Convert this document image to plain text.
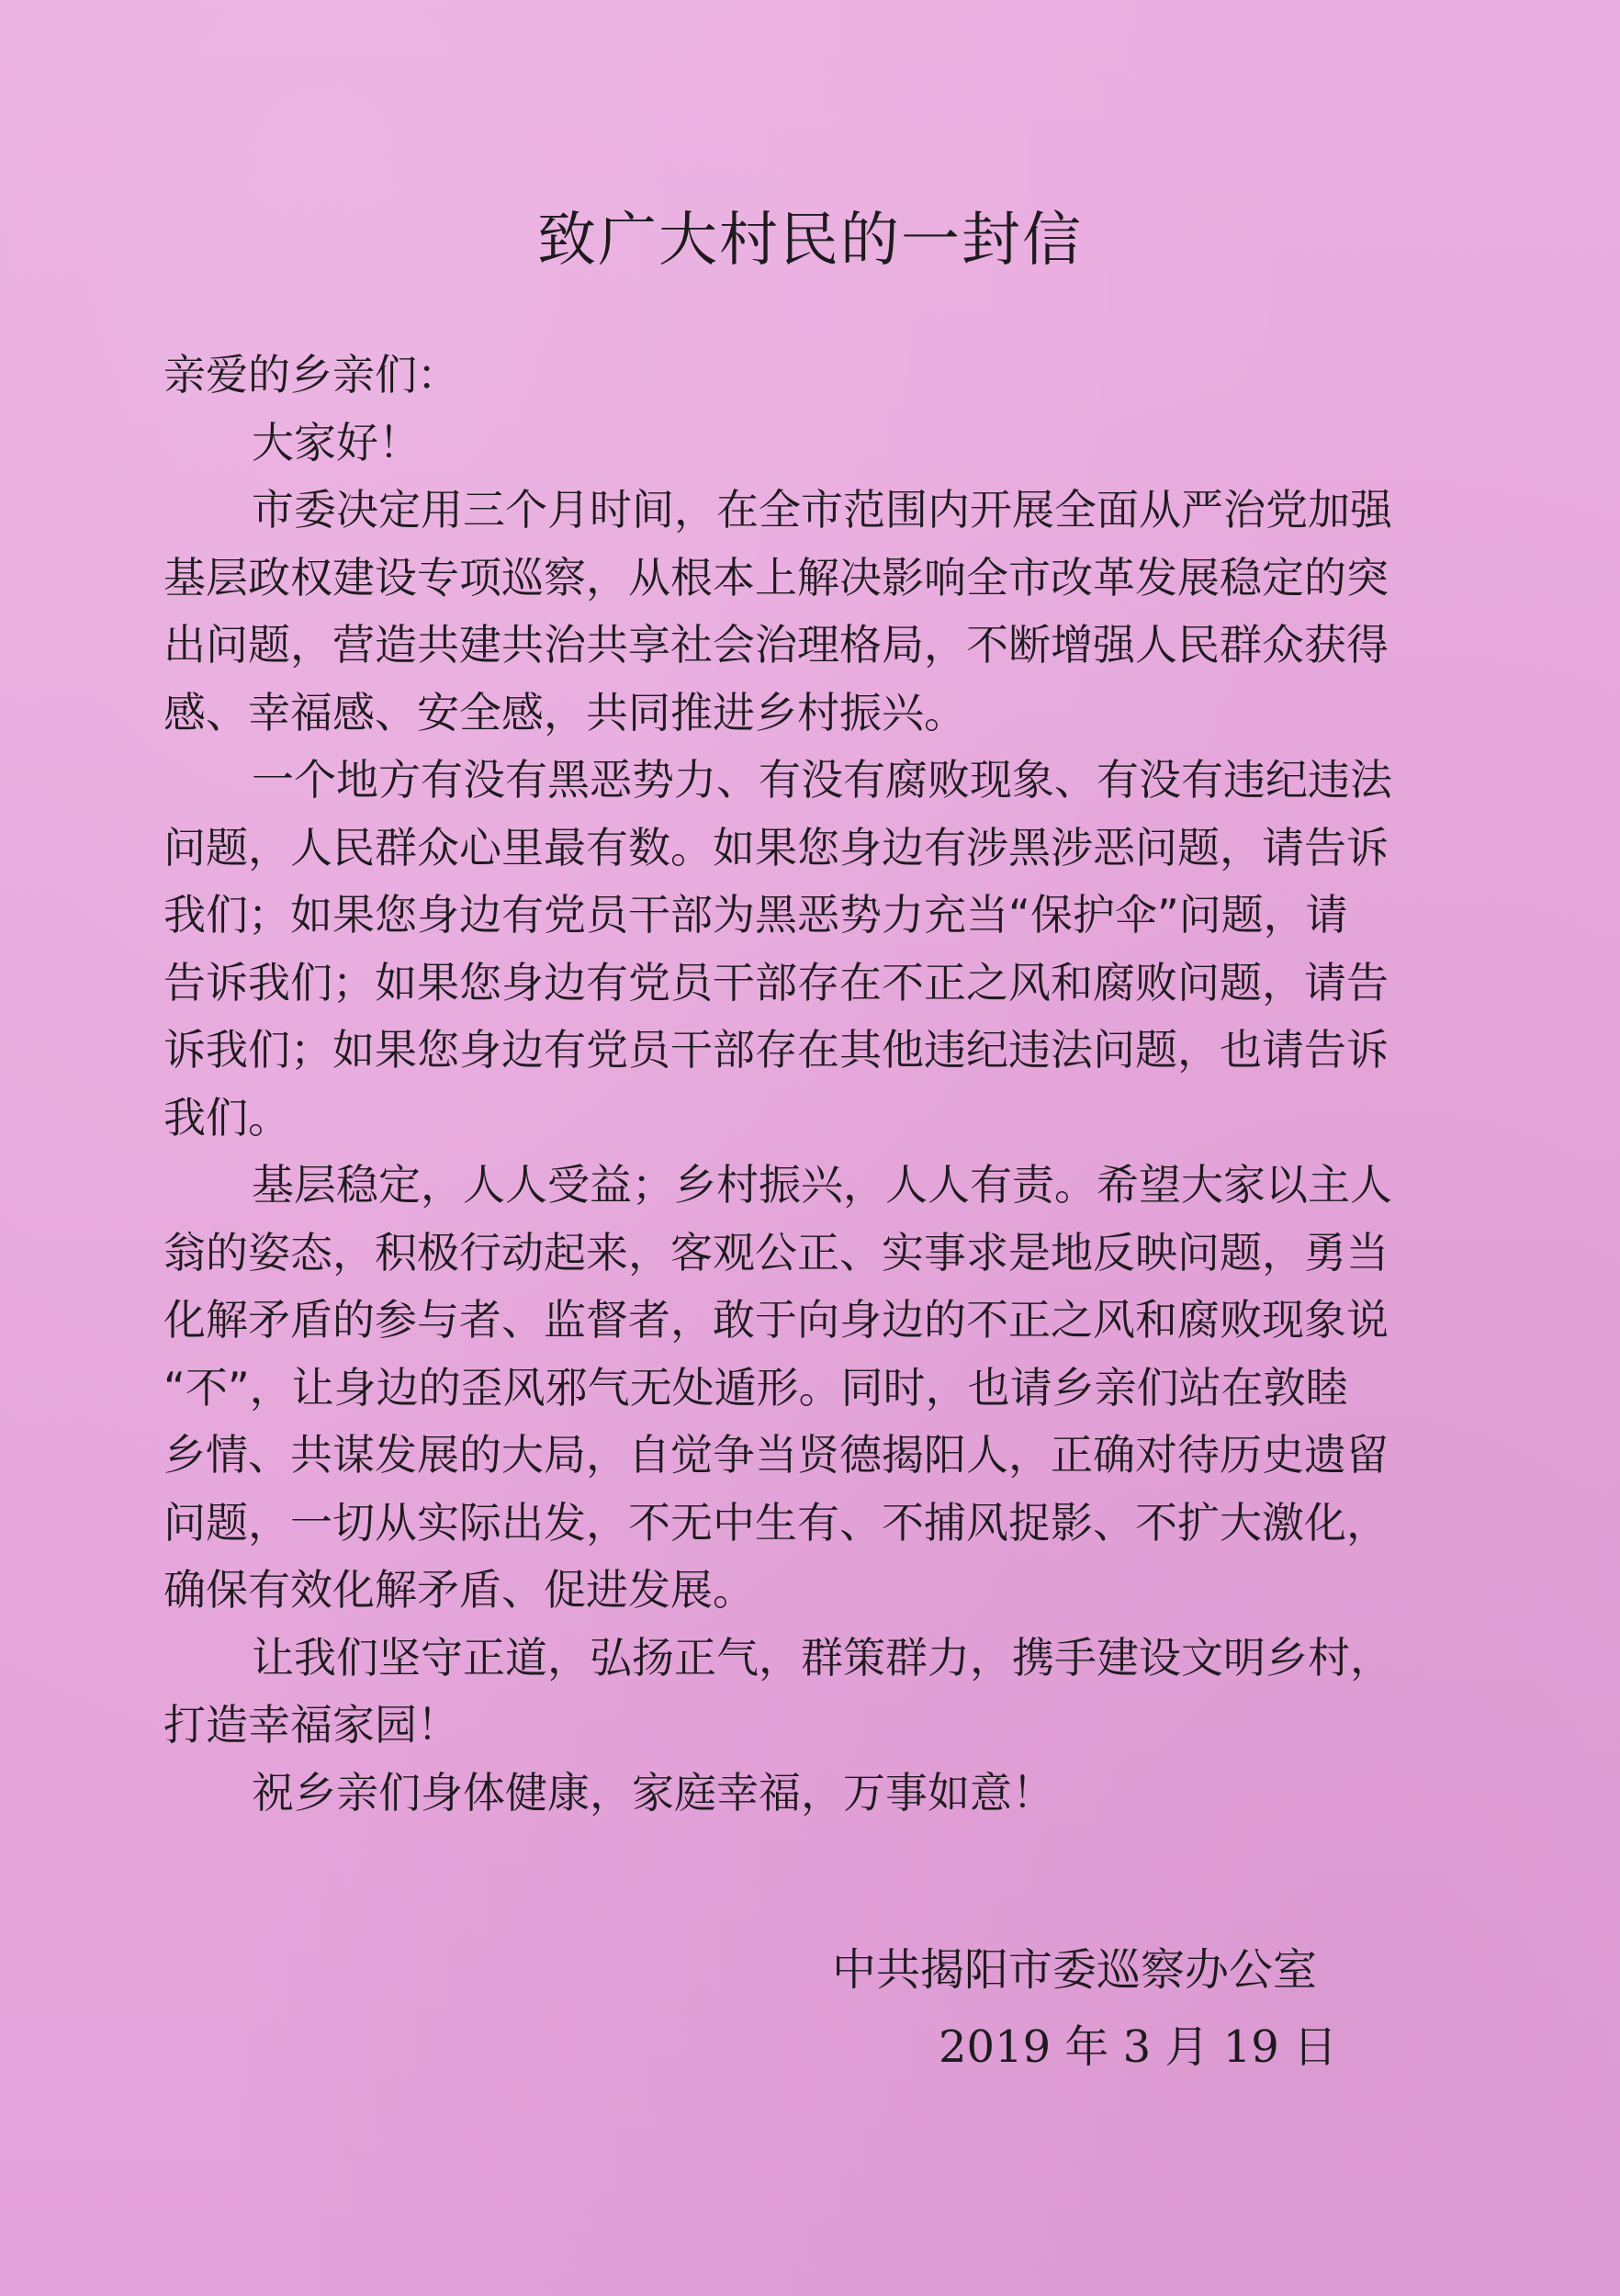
致广大村民的一封信
亲爱的乡亲们：
大家好！
市委决定用三个月时间，在全市范围内开展全面从严治党加强
基层政权建设专项巡察，从根本上解决影响全市改革发展稳定的突
出问题，营造共建共治共享社会治理格局，不断增强人民群众获得
感、幸福感、安全感，共同推进乡村振兴。
一个地方有没有黑恶势力、有没有腐败现象、有没有违纪违法
问题，人民群众心里最有数。如果您身边有涉黑涉恶问题，请告诉
我们；如果您身边有党员干部为黑恶势力充当“保护伞”问题，请
告诉我们；如果您身边有党员干部存在不正之风和腐败问题，请告
诉我们；如果您身边有党员干部存在其他违纪违法问题，也请告诉
我们。
基层稳定，人人受益；乡村振兴，人人有责。希望大家以主人
翁的姿态，积极行动起来，客观公正、实事求是地反映问题，勇当
化解矛盾的参与者、监督者，敢于向身边的不正之风和腐败现象说
“不”，让身边的歪风邪气无处遁形。同时，也请乡亲们站在敦睦
乡情、共谋发展的大局，自觉争当贤德揭阳人，正确对待历史遗留
问题，一切从实际出发，不无中生有、不捕风捉影、不扩大激化，
确保有效化解矛盾、促进发展。
让我们坚守正道，弘扬正气，群策群力，携手建设文明乡村，
打造幸福家园！
祝乡亲们身体健康，家庭幸福，万事如意！
中共揭阳市委巡察办公室
2019 年 3 月 19 日
